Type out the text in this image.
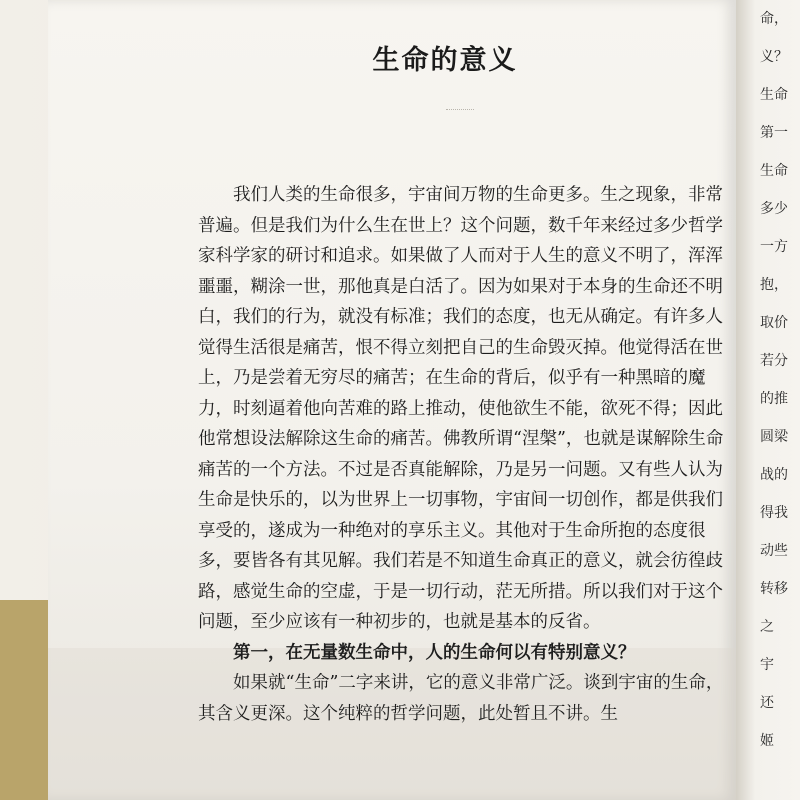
生命的意义

我们人类的生命很多，宇宙间万物的生命更多。生之现象，非常普遍。但是我们为什么生在世上？这个问题，数千年来经过多少哲学家科学家的研讨和追求。如果做了人而对于人生的意义不明了，浑浑噩噩，糊涂一世，那他真是白活了。因为如果对于本身的生命还不明白，我们的行为，就没有标准；我们的态度，也无从确定。有许多人觉得生活很是痛苦，恨不得立刻把自己的生命毁灭掉。他觉得活在世上，乃是尝着无穷尽的痛苦；在生命的背后，似乎有一种黑暗的魔力，时刻逼着他向苦难的路上推动，使他欲生不能，欲死不得；因此他常想设法解除这生命的痛苦。佛教所谓“涅槃”，也就是谋解除生命痛苦的一个方法。不过是否真能解除，乃是另一问题。又有些人认为生命是快乐的，以为世界上一切事物，宇宙间一切创作，都是供我们享受的，遂成为一种绝对的享乐主义。其他对于生命所抱的态度很多，要皆各有其见解。我们若是不知道生命真正的意义，就会彷徨歧路，感觉生命的空虚，于是一切行动，茫无所措。所以我们对于这个问题，至少应该有一种初步的，也就是基本的反省。

第一，在无量数生命中，人的生命何以有特别意义？

如果就“生命”二字来讲，它的意义非常广泛。谈到宇宙的生命，其含义更深。这个纯粹的哲学问题，此处暂且不讲。生

命，
义？
生命
第一
生命
多少
一方
抱，
取价
若分
的推
圆梁
战的
得我
动些
转移
之
宇
还
姬
